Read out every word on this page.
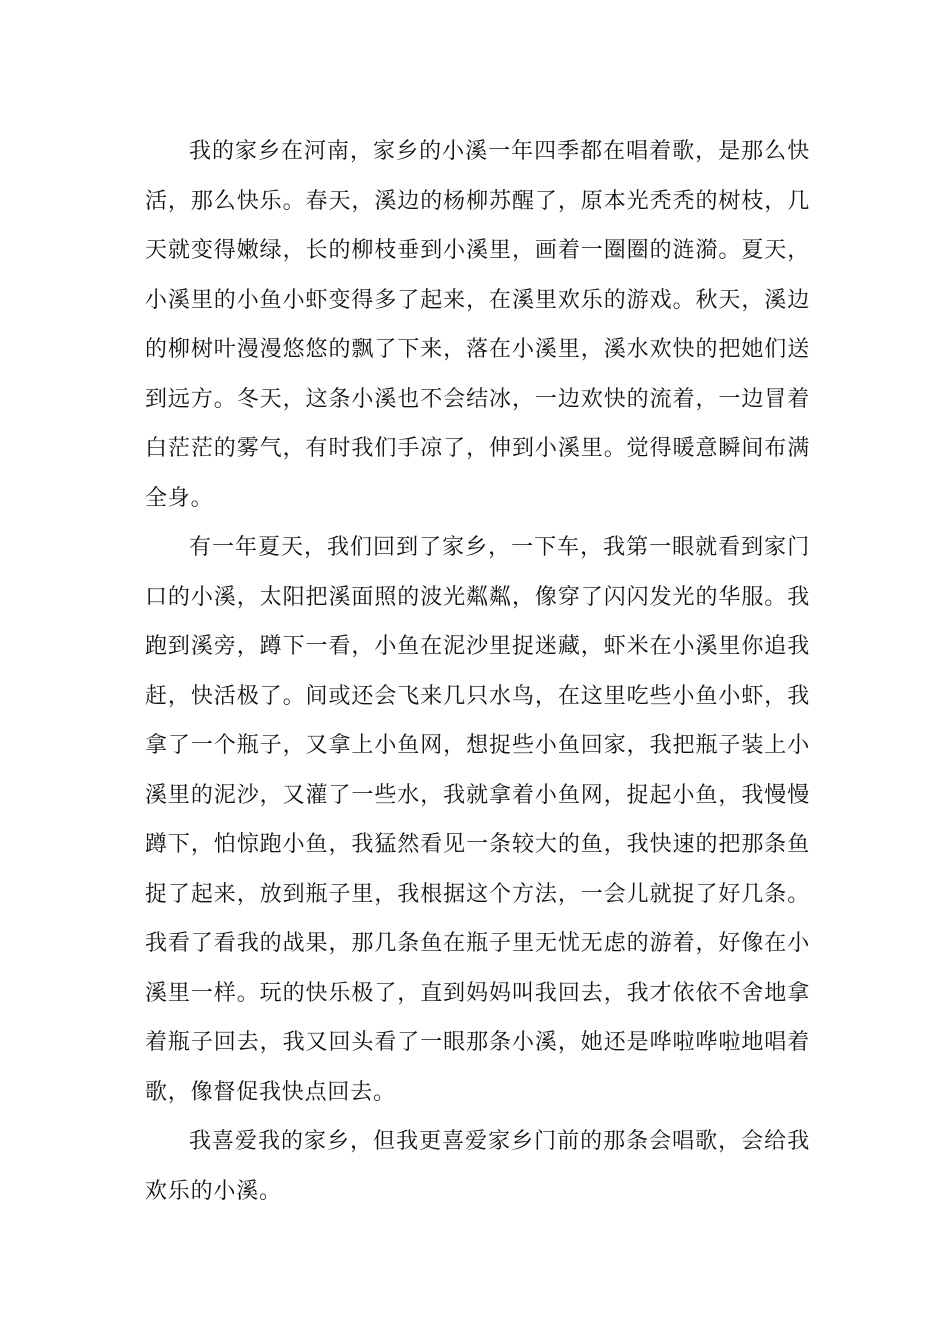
我的家乡在河南，家乡的小溪一年四季都在唱着歌，是那么快活，那么快乐。春天，溪边的杨柳苏醒了，原本光秃秃的树枝，几天就变得嫩绿，长的柳枝垂到小溪里，画着一圈圈的涟漪。夏天，小溪里的小鱼小虾变得多了起来，在溪里欢乐的游戏。秋天，溪边的柳树叶漫漫悠悠的飘了下来，落在小溪里，溪水欢快的把她们送到远方。冬天，这条小溪也不会结冰，一边欢快的流着，一边冒着白茫茫的雾气，有时我们手凉了，伸到小溪里。觉得暖意瞬间布满全身。

有一年夏天，我们回到了家乡，一下车，我第一眼就看到家门口的小溪，太阳把溪面照的波光粼粼，像穿了闪闪发光的华服。我跑到溪旁，蹲下一看，小鱼在泥沙里捉迷藏，虾米在小溪里你追我赶，快活极了。间或还会飞来几只水鸟，在这里吃些小鱼小虾，我拿了一个瓶子，又拿上小鱼网，想捉些小鱼回家，我把瓶子装上小溪里的泥沙，又灌了一些水，我就拿着小鱼网，捉起小鱼，我慢慢蹲下，怕惊跑小鱼，我猛然看见一条较大的鱼，我快速的把那条鱼捉了起来，放到瓶子里，我根据这个方法，一会儿就捉了好几条。我看了看我的战果，那几条鱼在瓶子里无忧无虑的游着，好像在小溪里一样。玩的快乐极了，直到妈妈叫我回去，我才依依不舍地拿着瓶子回去，我又回头看了一眼那条小溪，她还是哗啦哗啦地唱着歌，像督促我快点回去。

我喜爱我的家乡，但我更喜爱家乡门前的那条会唱歌，会给我欢乐的小溪。
